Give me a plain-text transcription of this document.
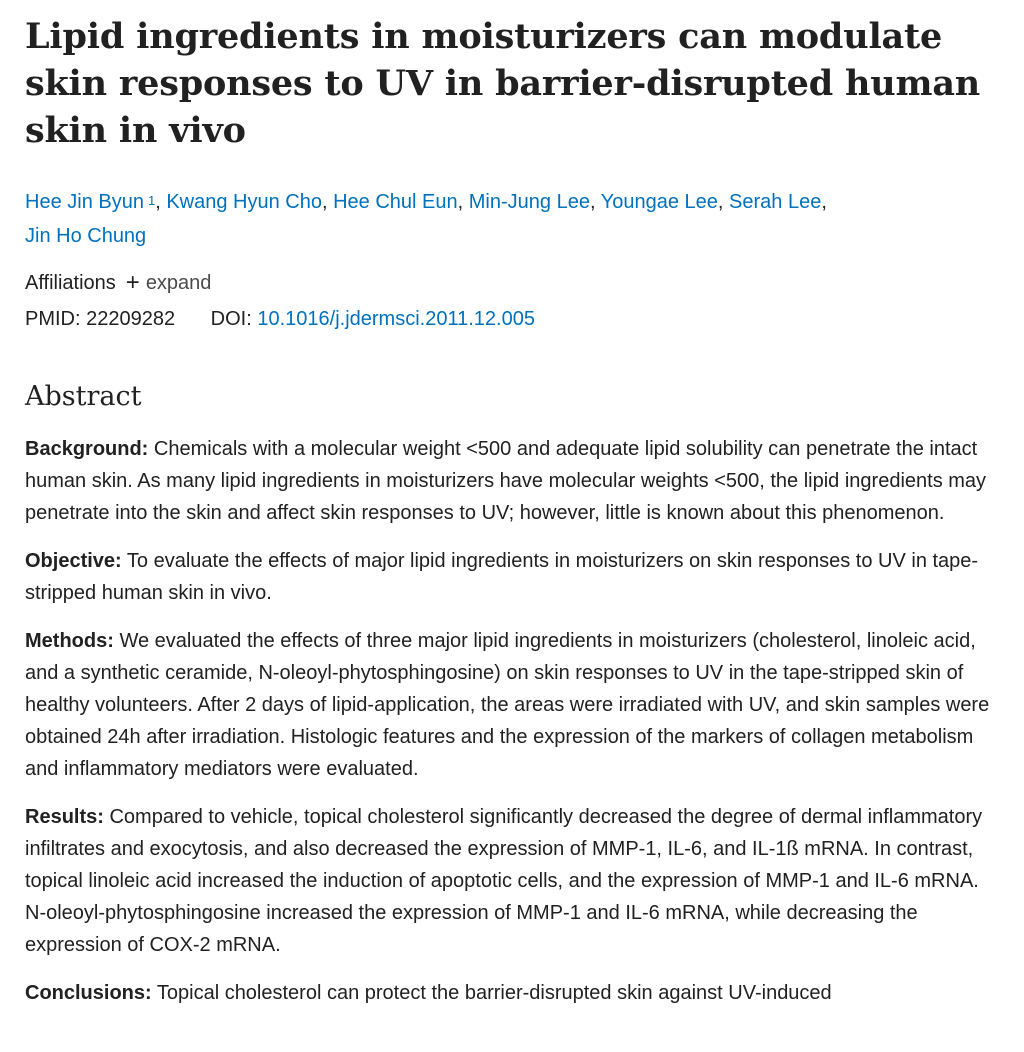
Lipid ingredients in moisturizers can modulate skin responses to UV in barrier-disrupted human skin in vivo
Hee Jin Byun $^1$, Kwang Hyun Cho, Hee Chul Eun, Min-Jung Lee, Youngae Lee, Serah Lee,
Jin Ho Chung
Affiliations + expand
PMID: 22209282 DOI: 10.1016/j.jdermsci.2011.12.005
Abstract

Background: Chemicals with a molecular weight <500 and adequate lipid solubility can penetrate the intact human skin. As many lipid ingredients in moisturizers have molecular weights <500, the lipid ingredients may penetrate into the skin and affect skin responses to UV; however, little is known about this phenomenon.

Objective: To evaluate the effects of major lipid ingredients in moisturizers on skin responses to UV in tape-stripped human skin in vivo.

Methods: We evaluated the effects of three major lipid ingredients in moisturizers (cholesterol, linoleic acid, and a synthetic ceramide, N-oleoyl-phytosphingosine) on skin responses to UV in the tape-stripped skin of healthy volunteers. After 2 days of lipid-application, the areas were irradiated with UV, and skin samples were obtained 24h after irradiation. Histologic features and the expression of the markers of collagen metabolism and inflammatory mediators were evaluated.

Results: Compared to vehicle, topical cholesterol significantly decreased the degree of dermal inflammatory infiltrates and exocytosis, and also decreased the expression of MMP-1, IL-6, and IL-1ß mRNA. In contrast, topical linoleic acid increased the induction of apoptotic cells, and the expression of MMP-1 and IL-6 mRNA. N-oleoyl-phytosphingosine increased the expression of MMP-1 and IL-6 mRNA, while decreasing the expression of COX-2 mRNA.

Conclusions: Topical cholesterol can protect the barrier-disrupted skin against UV-induced
